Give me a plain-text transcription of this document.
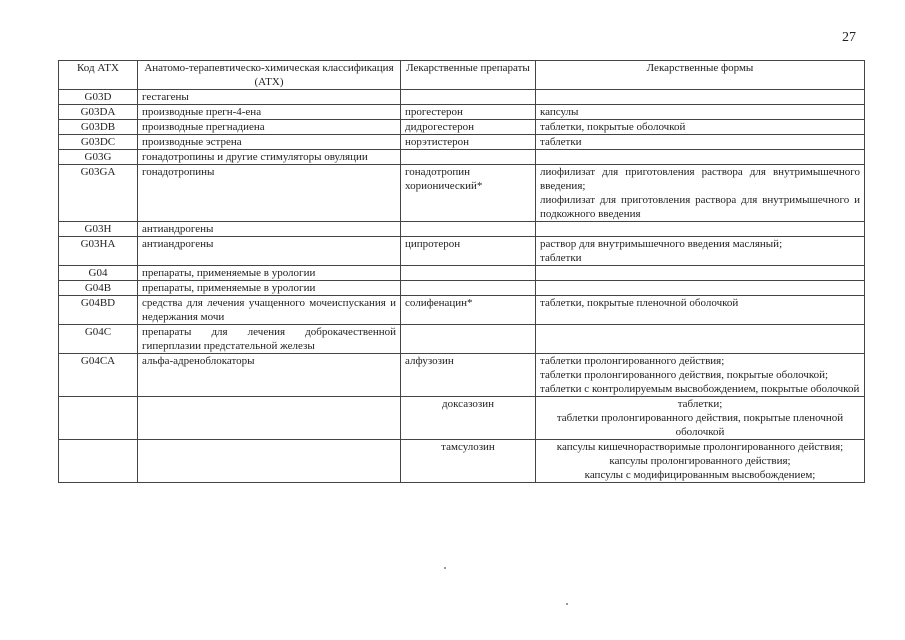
27
Код АТХ	Анатомо-терапевтическо-химическая классификация (АТХ)	Лекарственные препараты	Лекарственные формы
G03D	гестагены		
G03DA	производные прегн-4-ена	прогестерон	капсулы

G03DB	производные прегнадиена	дидрогестерон	таблетки, покрытые оболочкой

G03DC	производные эстрена	норэтистерон	таблетки

G03G	гонадотропины и другие стимуляторы овуляции		
G03GA	гонадотропины	гонадотропин хорионический*	лиофилизат для приготовления раствора для внутримышечного введения;
лиофилизат для приготовления раствора для внутримышечного и подкожного введения

G03H	антиандрогены		
G03HA	антиандрогены	ципротерон	раствор для внутримышечного введения масляный;
таблетки

G04	препараты, применяемые в урологии		
G04B	препараты, применяемые в урологии		
G04BD	средства для лечения учащенного мочеиспускания и недержания мочи	солифенацин*	таблетки, покрытые пленочной оболочкой

G04C	препараты для лечения доброкачественной гиперплазии предстательной железы		
G04CA	альфа-адреноблокаторы	алфузозин	таблетки пролонгированного действия;
таблетки пролонгированного действия, покрытые оболочкой;
таблетки с контролируемым высвобождением, покрытые оболочкой

		доксазозин	таблетки;
таблетки пролонгированного действия, покрытые пленочной оболочкой

		тамсулозин	капсулы кишечнорастворимые пролонгированного действия;
капсулы пролонгированного действия;
капсулы с модифицированным высвобождением;
